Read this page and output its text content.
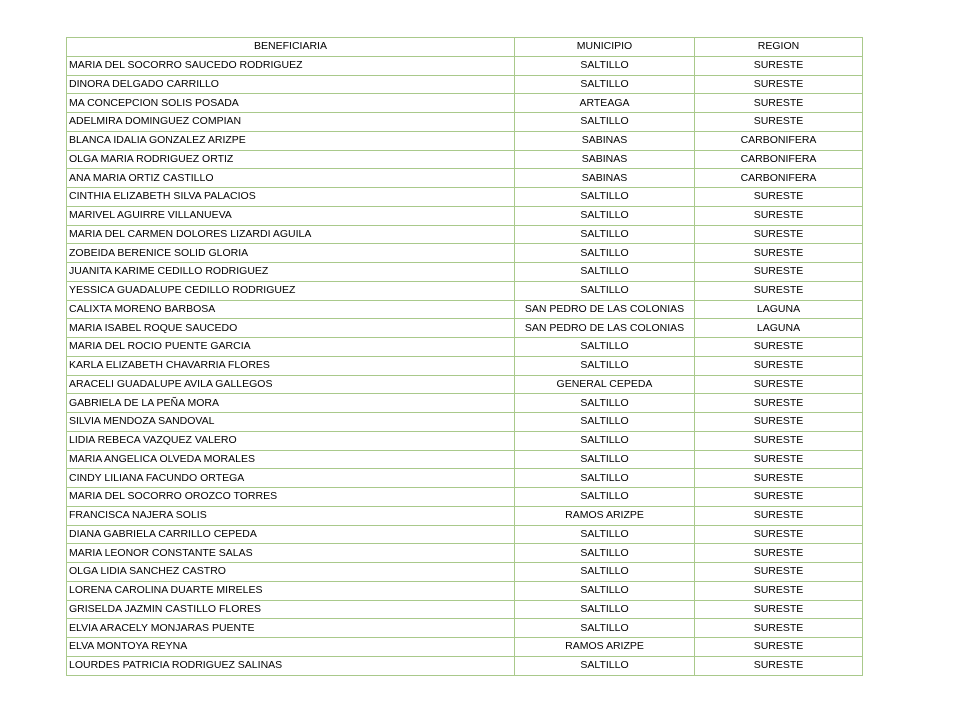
BENEFICIARIA	MUNICIPIO	REGION
MARIA DEL SOCORRO SAUCEDO RODRIGUEZ	SALTILLO	SURESTE
DINORA DELGADO CARRILLO	SALTILLO	SURESTE
MA CONCEPCION SOLIS POSADA	ARTEAGA	SURESTE
ADELMIRA DOMINGUEZ COMPIAN	SALTILLO	SURESTE
BLANCA IDALIA GONZALEZ ARIZPE	SABINAS	CARBONIFERA
OLGA MARIA RODRIGUEZ ORTIZ	SABINAS	CARBONIFERA
ANA MARIA ORTIZ CASTILLO	SABINAS	CARBONIFERA
CINTHIA ELIZABETH SILVA PALACIOS	SALTILLO	SURESTE
MARIVEL AGUIRRE VILLANUEVA	SALTILLO	SURESTE
MARIA DEL CARMEN DOLORES LIZARDI AGUILA	SALTILLO	SURESTE
ZOBEIDA BERENICE SOLID GLORIA	SALTILLO	SURESTE
JUANITA KARIME CEDILLO RODRIGUEZ	SALTILLO	SURESTE
YESSICA GUADALUPE CEDILLO RODRIGUEZ	SALTILLO	SURESTE
CALIXTA MORENO BARBOSA	SAN PEDRO DE LAS COLONIAS	LAGUNA
MARIA ISABEL ROQUE SAUCEDO	SAN PEDRO DE LAS COLONIAS	LAGUNA
MARIA DEL ROCIO PUENTE GARCIA	SALTILLO	SURESTE
KARLA ELIZABETH CHAVARRIA FLORES	SALTILLO	SURESTE
ARACELI GUADALUPE AVILA GALLEGOS	GENERAL CEPEDA	SURESTE
GABRIELA DE LA PEÑA MORA	SALTILLO	SURESTE
SILVIA MENDOZA SANDOVAL	SALTILLO	SURESTE
LIDIA REBECA VAZQUEZ VALERO	SALTILLO	SURESTE
MARIA ANGELICA OLVEDA MORALES	SALTILLO	SURESTE
CINDY LILIANA FACUNDO ORTEGA	SALTILLO	SURESTE
MARIA DEL SOCORRO OROZCO TORRES	SALTILLO	SURESTE
FRANCISCA NAJERA SOLIS	RAMOS ARIZPE	SURESTE
DIANA GABRIELA CARRILLO CEPEDA	SALTILLO	SURESTE
MARIA LEONOR CONSTANTE SALAS	SALTILLO	SURESTE
OLGA LIDIA SANCHEZ CASTRO	SALTILLO	SURESTE
LORENA CAROLINA DUARTE MIRELES	SALTILLO	SURESTE
GRISELDA JAZMIN CASTILLO FLORES	SALTILLO	SURESTE
ELVIA ARACELY MONJARAS PUENTE	SALTILLO	SURESTE
ELVA MONTOYA REYNA	RAMOS ARIZPE	SURESTE
LOURDES PATRICIA RODRIGUEZ SALINAS	SALTILLO	SURESTE
